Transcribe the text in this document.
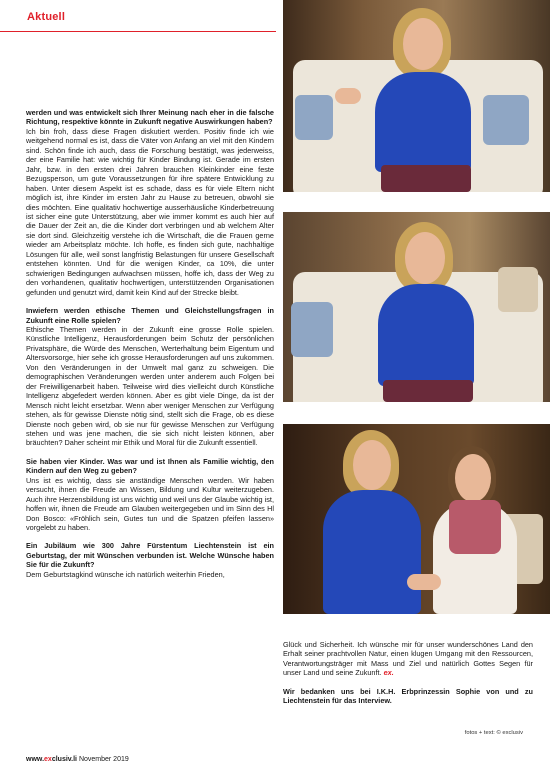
Aktuell

werden und was entwickelt sich Ihrer Meinung nach eher in die falsche Richtung, respektive könnte in Zukunft negative Auswirkungen haben?

Ich bin froh, dass diese Fragen diskutiert werden. Positiv finde ich wie weitgehend normal es ist, dass die Väter von Anfang an viel mit den Kindern sind. Schön finde ich auch, dass die Forschung bestätigt, was jederweiss, der eine Familie hat: wie wichtig für Kinder Bindung ist. Gerade im ersten Jahr, bzw. in den ersten drei Jahren brauchen Kleinkinder eine feste Bezugsperson, um gute Voraussetzungen für ihre spätere Entwicklung zu haben. Unter diesem Aspekt ist es schade, dass es für viele Eltern nicht möglich ist, ihre Kinder im ersten Jahr zu Hause zu betreuen, obwohl sie dies möchten. Eine qualitativ hochwertige ausserhäusliche Kinderbetreuung ist sicher eine gute Unterstützung, aber wie immer kommt es auch hier auf die Dauer der Zeit an, die die Kinder dort verbringen und ab welchem Alter sie dort sind. Gleichzeitig verstehe ich die Wirtschaft, die die Frauen gerne wieder am Arbeitsplatz möchte. Ich hoffe, es finden sich gute, nachhaltige Lösungen für alle, weil sonst langfristig Belastungen für unsere Gesellschaft entstehen könnten. Und für die wenigen Kinder, ca 10%, die unter schwierigen Bedingungen aufwachsen müssen, hoffe ich, dass der Weg zu den vorhandenen, qualitativ hochwertigen, unterstützenden Organisationen gefunden und genutzt wird, damit kein Kind auf der Strecke bleibt.

Inwiefern werden ethische Themen und Gleichstellungsfragen in Zukunft eine Rolle spielen?

Ethische Themen werden in der Zukunft eine grosse Rolle spielen. Künstliche Intelligenz, Herausforderungen beim Schutz der persönlichen Privatsphäre, die Würde des Menschen, Werterhaltung beim Eigentum und Altersvorsorge, hier sehe ich grosse Herausforderungen auf uns zukommen. Von den Veränderungen in der Umwelt mal ganz zu schweigen. Die demographischen Veränderungen werden unter anderem auch Folgen bei der Freiwilligenarbeit haben. Teilweise wird dies vielleicht durch Künstliche Intelligenz abgefedert werden können. Aber es gibt viele Dinge, da ist der Mensch nicht leicht ersetzbar. Wenn aber weniger Menschen zur Verfügung stehen, als für gewisse Dienste nötig sind, stellt sich die Frage, ob es diese Dienste noch geben wird, ob sie nur für gewisse Menschen zur Verfügung stehen und was jene machen, die sie sich nicht leisten können, aber bräuchten? Daher scheint mir Ethik und Moral für die Zukunft essentiell.

Sie haben vier Kinder. Was war und ist Ihnen als Familie wichtig, den Kindern auf den Weg zu geben?

Uns ist es wichtig, dass sie anständige Menschen werden. Wir haben versucht, ihnen die Freude an Wissen, Bildung und Kultur weiterzugeben. Auch ihre Herzensbildung ist uns wichtig und weil uns der Glaube wichtig ist, hoffen wir, ihnen die Freude am Glauben weitergegeben und im Sinn des Hl Don Bosco: «Fröhlich sein, Gutes tun und die Spatzen pfeifen lassen» vorgelebt zu haben.

Ein Jubiläum wie 300 Jahre Fürstentum Liechtenstein ist ein Geburtstag, der mit Wünschen verbunden ist. Welche Wünsche haben Sie für die Zukunft?

Dem Geburtstagkind wünsche ich natürlich weiterhin Frieden,

Glück und Sicherheit. Ich wünsche mir für unser wunderschönes Land den Erhalt seiner prachtvollen Natur, einen klugen Umgang mit den Ressourcen, Verantwortungsträger mit Mass und Ziel und natürlich Gottes Segen für unser Land und seine Zukunft. ex.

Wir bedanken uns bei I.K.H. Erbprinzessin Sophie von und zu Liechtenstein für das Interview.

fotos + text: © exclusiv
www.exclusiv.li November 2019
